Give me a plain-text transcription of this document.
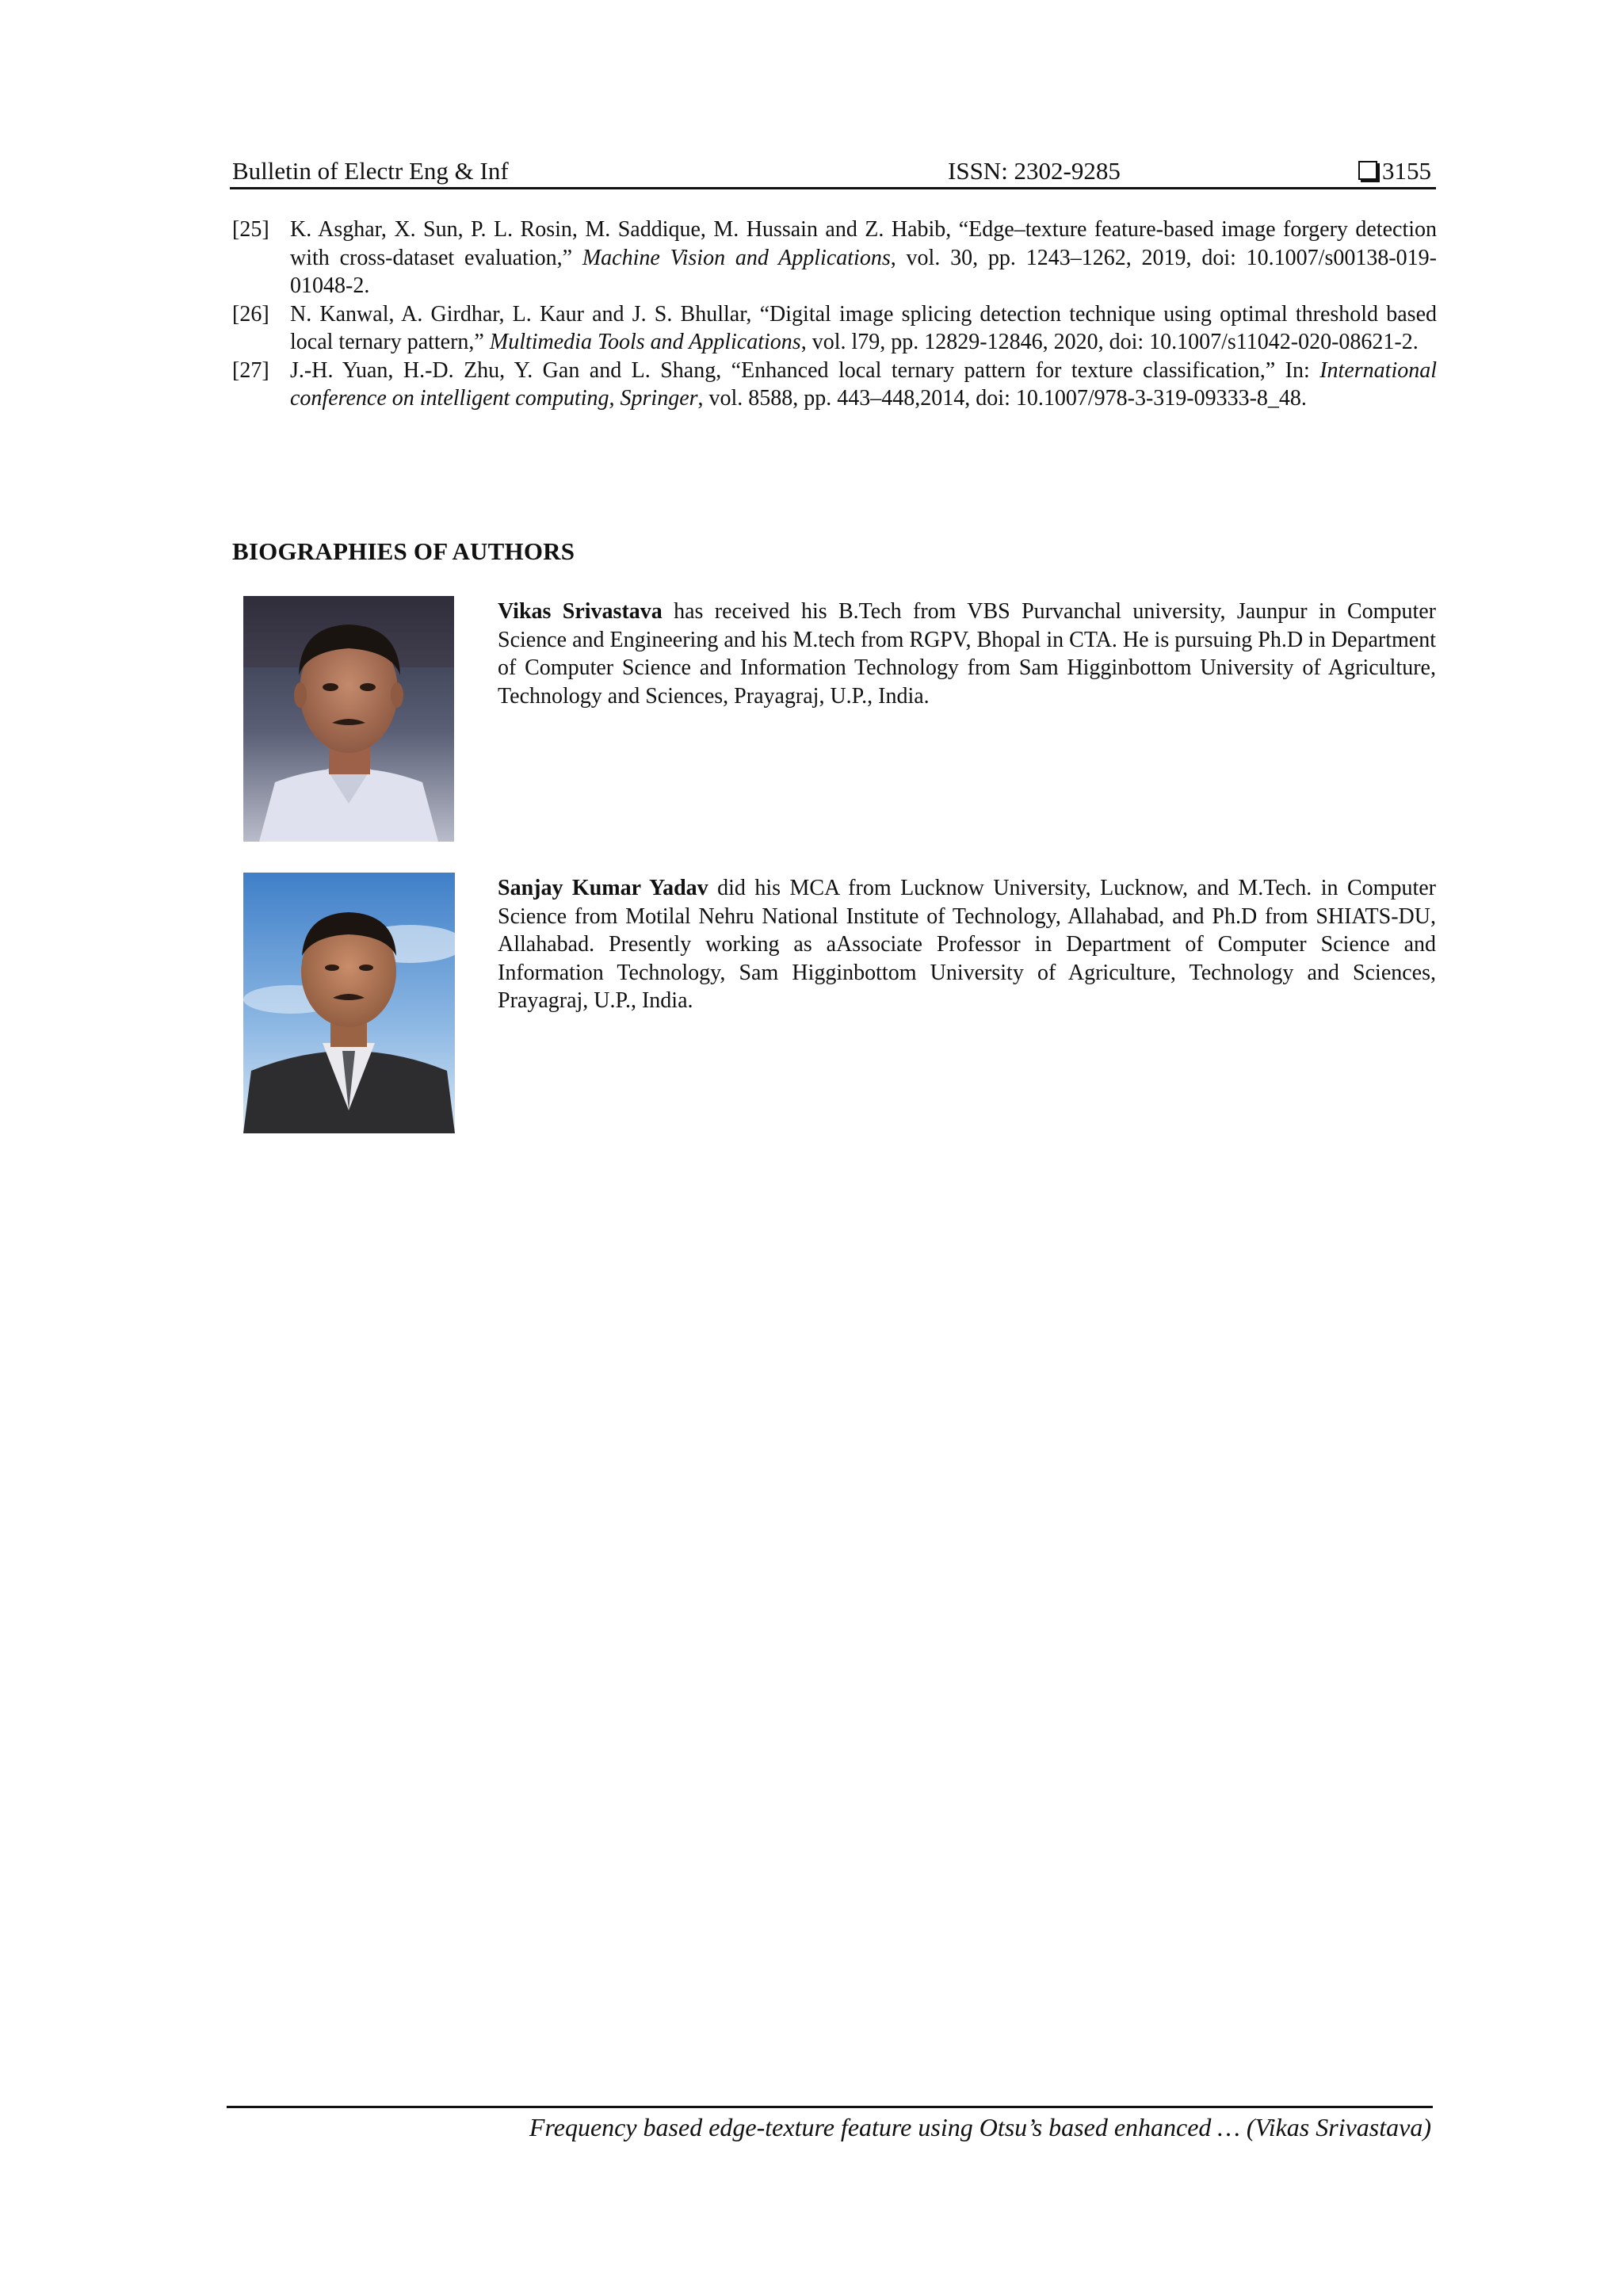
Bulletin of Electr Eng & Inf	ISSN: 2302-9285	3155
[25] K. Asghar, X. Sun, P. L. Rosin, M. Saddique, M. Hussain and Z. Habib, “Edge–texture feature-based image forgery detection with cross-dataset evaluation,” Machine Vision and Applications, vol. 30, pp. 1243–1262, 2019, doi: 10.1007/s00138-019-01048-2.
[26] N. Kanwal, A. Girdhar, L. Kaur and J. S. Bhullar, “Digital image splicing detection technique using optimal threshold based local ternary pattern,” Multimedia Tools and Applications, vol. l79, pp. 12829-12846, 2020, doi: 10.1007/s11042-020-08621-2.
[27] J.-H. Yuan, H.-D. Zhu, Y. Gan and L. Shang, “Enhanced local ternary pattern for texture classification,” In: International conference on intelligent computing, Springer, vol. 8588, pp. 443–448,2014, doi: 10.1007/978-3-319-09333-8_48.
BIOGRAPHIES OF AUTHORS
Vikas Srivastava has received his B.Tech from VBS Purvanchal university, Jaunpur in Computer Science and Engineering and his M.tech from RGPV, Bhopal in CTA. He is pursuing Ph.D in Department of Computer Science and Information Technology from Sam Higginbottom University of Agriculture, Technology and Sciences, Prayagraj, U.P., India.
Sanjay Kumar Yadav did his MCA from Lucknow University, Lucknow, and M.Tech. in Computer Science from Motilal Nehru National Institute of Technology, Allahabad, and Ph.D from SHIATS-DU, Allahabad. Presently working as aAssociate Professor in Department of Computer Science and Information Technology, Sam Higginbottom University of Agriculture, Technology and Sciences, Prayagraj, U.P., India.
Frequency based edge-texture feature using Otsu’s based enhanced … (Vikas Srivastava)
